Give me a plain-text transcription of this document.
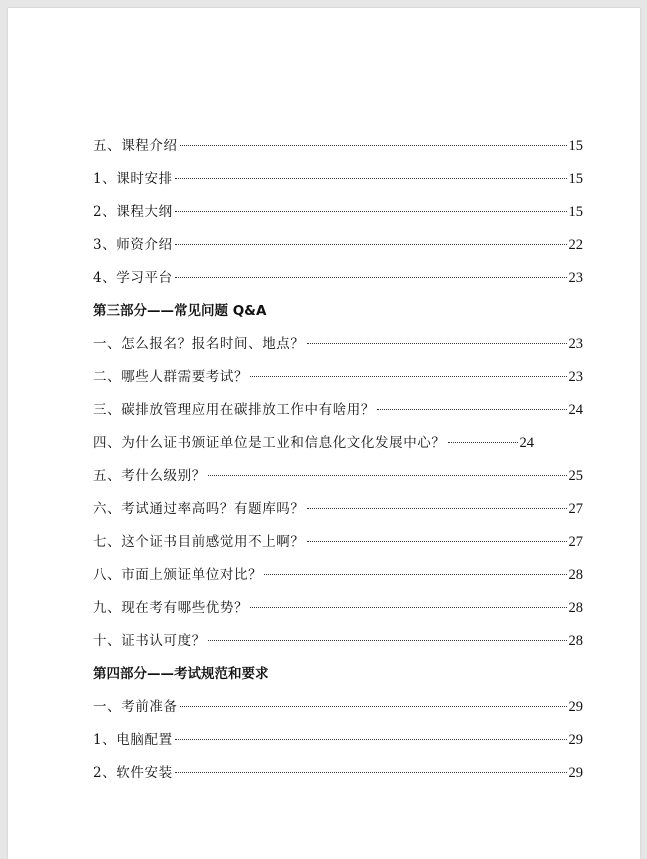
五、课程介绍	15
1、课时安排	15
2、课程大纲	15
3、师资介绍	22
4、学习平台	23
第三部分——常见问题 Q&A
一、怎么报名？报名时间、地点？	23
二、哪些人群需要考试？	23
三、碳排放管理应用在碳排放工作中有啥用？	24
四、为什么证书颁证单位是工业和信息化文化发展中心？	24
五、考什么级别？	25
六、考试通过率高吗？有题库吗？	27
七、这个证书目前感觉用不上啊？	27
八、市面上颁证单位对比？	28
九、现在考有哪些优势？	28
十、证书认可度？	28
第四部分——考试规范和要求
一、考前准备	29
1、电脑配置	29
2、软件安装	29
